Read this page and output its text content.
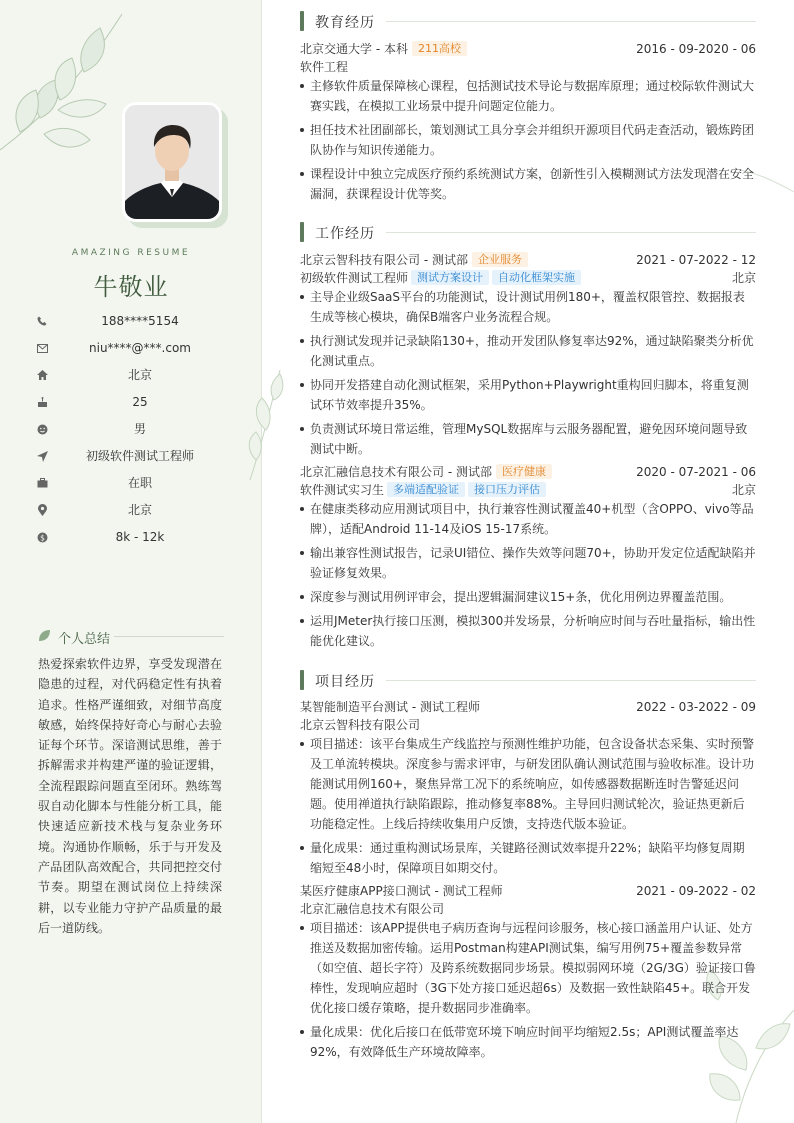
AMAZING RESUME
牛敬业
188****5154
niu****@***.com
北京
25
男
初级软件测试工程师
在职
北京
$	8k - 12k
个人总结
热爱探索软件边界，享受发现潜在隐患的过程，对代码稳定性有执着追求。性格严谨细致，对细节高度敏感，始终保持好奇心与耐心去验证每个环节。深谙测试思维，善于拆解需求并构建严谨的验证逻辑，全流程跟踪问题直至闭环。熟练驾驭自动化脚本与性能分析工具，能快速适应新技术栈与复杂业务环境。沟通协作顺畅，乐于与开发及产品团队高效配合，共同把控交付节奏。期望在测试岗位上持续深耕，以专业能力守护产品质量的最后一道防线。
教育经历
北京交通大学 - 本科 211高校	2016 - 09-2020 - 06
软件工程
主修软件质量保障核心课程，包括测试技术导论与数据库原理；通过校际软件测试大赛实践，在模拟工业场景中提升问题定位能力。
担任技术社团副部长，策划测试工具分享会并组织开源项目代码走查活动，锻炼跨团队协作与知识传递能力。
课程设计中独立完成医疗预约系统测试方案，创新性引入模糊测试方法发现潜在安全漏洞，获课程设计优等奖。
工作经历
北京云智科技有限公司 - 测试部 企业服务	2021 - 07-2022 - 12
初级软件测试工程师 测试方案设计 自动化框架实施	北京
主导企业级SaaS平台的功能测试，设计测试用例180+，覆盖权限管控、数据报表生成等核心模块，确保B端客户业务流程合规。
执行测试发现并记录缺陷130+，推动开发团队修复率达92%，通过缺陷聚类分析优化测试重点。
协同开发搭建自动化测试框架，采用Python+Playwright重构回归脚本，将重复测试环节效率提升35%。
负责测试环境日常运维，管理MySQL数据库与云服务器配置，避免因环境问题导致测试中断。
北京汇融信息技术有限公司 - 测试部 医疗健康	2020 - 07-2021 - 06
软件测试实习生 多端适配验证 接口压力评估	北京
在健康类移动应用测试项目中，执行兼容性测试覆盖40+机型（含OPPO、vivo等品牌），适配Android 11-14及iOS 15-17系统。
输出兼容性测试报告，记录UI错位、操作失效等问题70+，协助开发定位适配缺陷并验证修复效果。
深度参与测试用例评审会，提出逻辑漏洞建议15+条，优化用例边界覆盖范围。
运用JMeter执行接口压测，模拟300并发场景，分析响应时间与吞吐量指标，输出性能优化建议。
项目经历
某智能制造平台测试 - 测试工程师	2022 - 03-2022 - 09
北京云智科技有限公司
项目描述：该平台集成生产线监控与预测性维护功能，包含设备状态采集、实时预警及工单流转模块。深度参与需求评审，与研发团队确认测试范围与验收标准。设计功能测试用例160+，聚焦异常工况下的系统响应，如传感器数据断连时告警延迟问题。使用禅道执行缺陷跟踪，推动修复率88%。主导回归测试轮次，验证热更新后功能稳定性。上线后持续收集用户反馈，支持迭代版本验证。
量化成果：通过重构测试场景库，关键路径测试效率提升22%；缺陷平均修复周期缩短至48小时，保障项目如期交付。
某医疗健康APP接口测试 - 测试工程师	2021 - 09-2022 - 02
北京汇融信息技术有限公司
项目描述：该APP提供电子病历查询与远程问诊服务，核心接口涵盖用户认证、处方推送及数据加密传输。运用Postman构建API测试集，编写用例75+覆盖参数异常（如空值、超长字符）及跨系统数据同步场景。模拟弱网环境（2G/3G）验证接口鲁棒性，发现响应超时（3G下处方接口延迟超6s）及数据一致性缺陷45+。联合开发优化接口缓存策略，提升数据同步准确率。
量化成果：优化后接口在低带宽环境下响应时间平均缩短2.5s；API测试覆盖率达92%，有效降低生产环境故障率。
